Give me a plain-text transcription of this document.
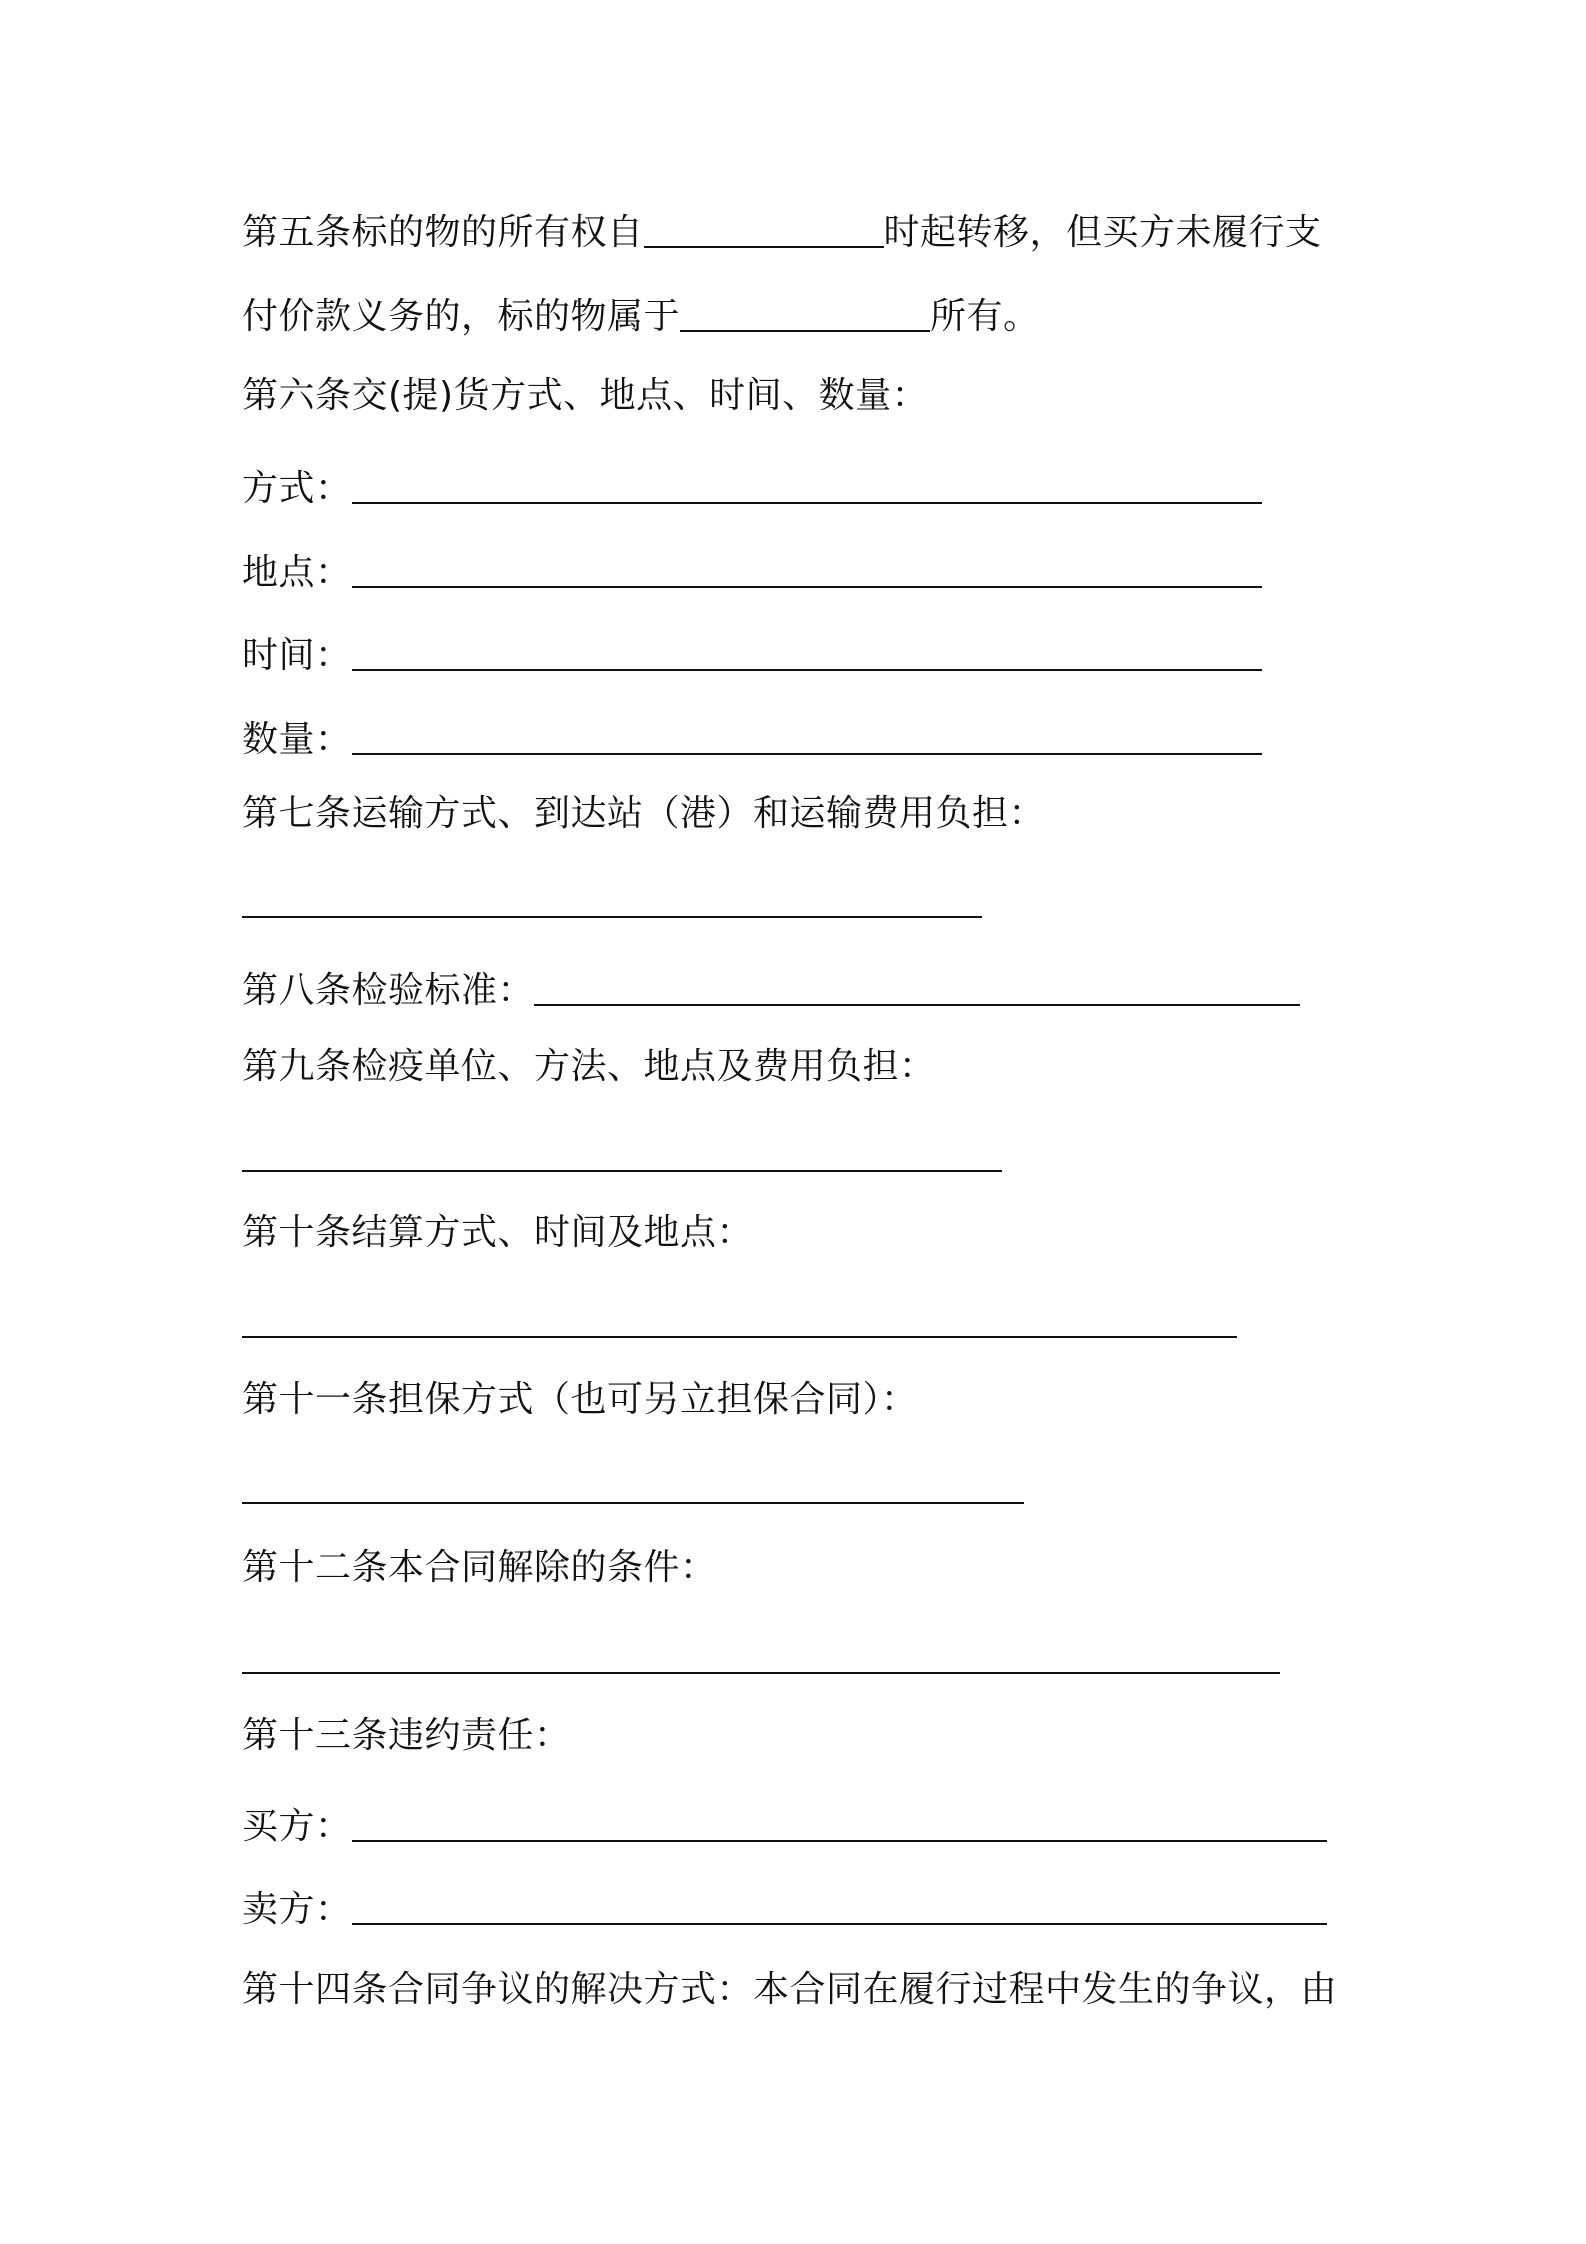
第五条标的物的所有权自	时起转移，但买方未履行支
付价款义务的，标的物属于	所有。
第六条交(提)货方式、地点、时间、数量：
方式：
地点：
时间：
数量：
第七条运输方式、到达站（港）和运输费用负担：
第八条检验标准：
第九条检疫单位、方法、地点及费用负担：
第十条结算方式、时间及地点：
第十一条担保方式（也可另立担保合同）：
第十二条本合同解除的条件：
第十三条违约责任：
买方：
卖方：
第十四条合同争议的解决方式：本合同在履行过程中发生的争议，由
